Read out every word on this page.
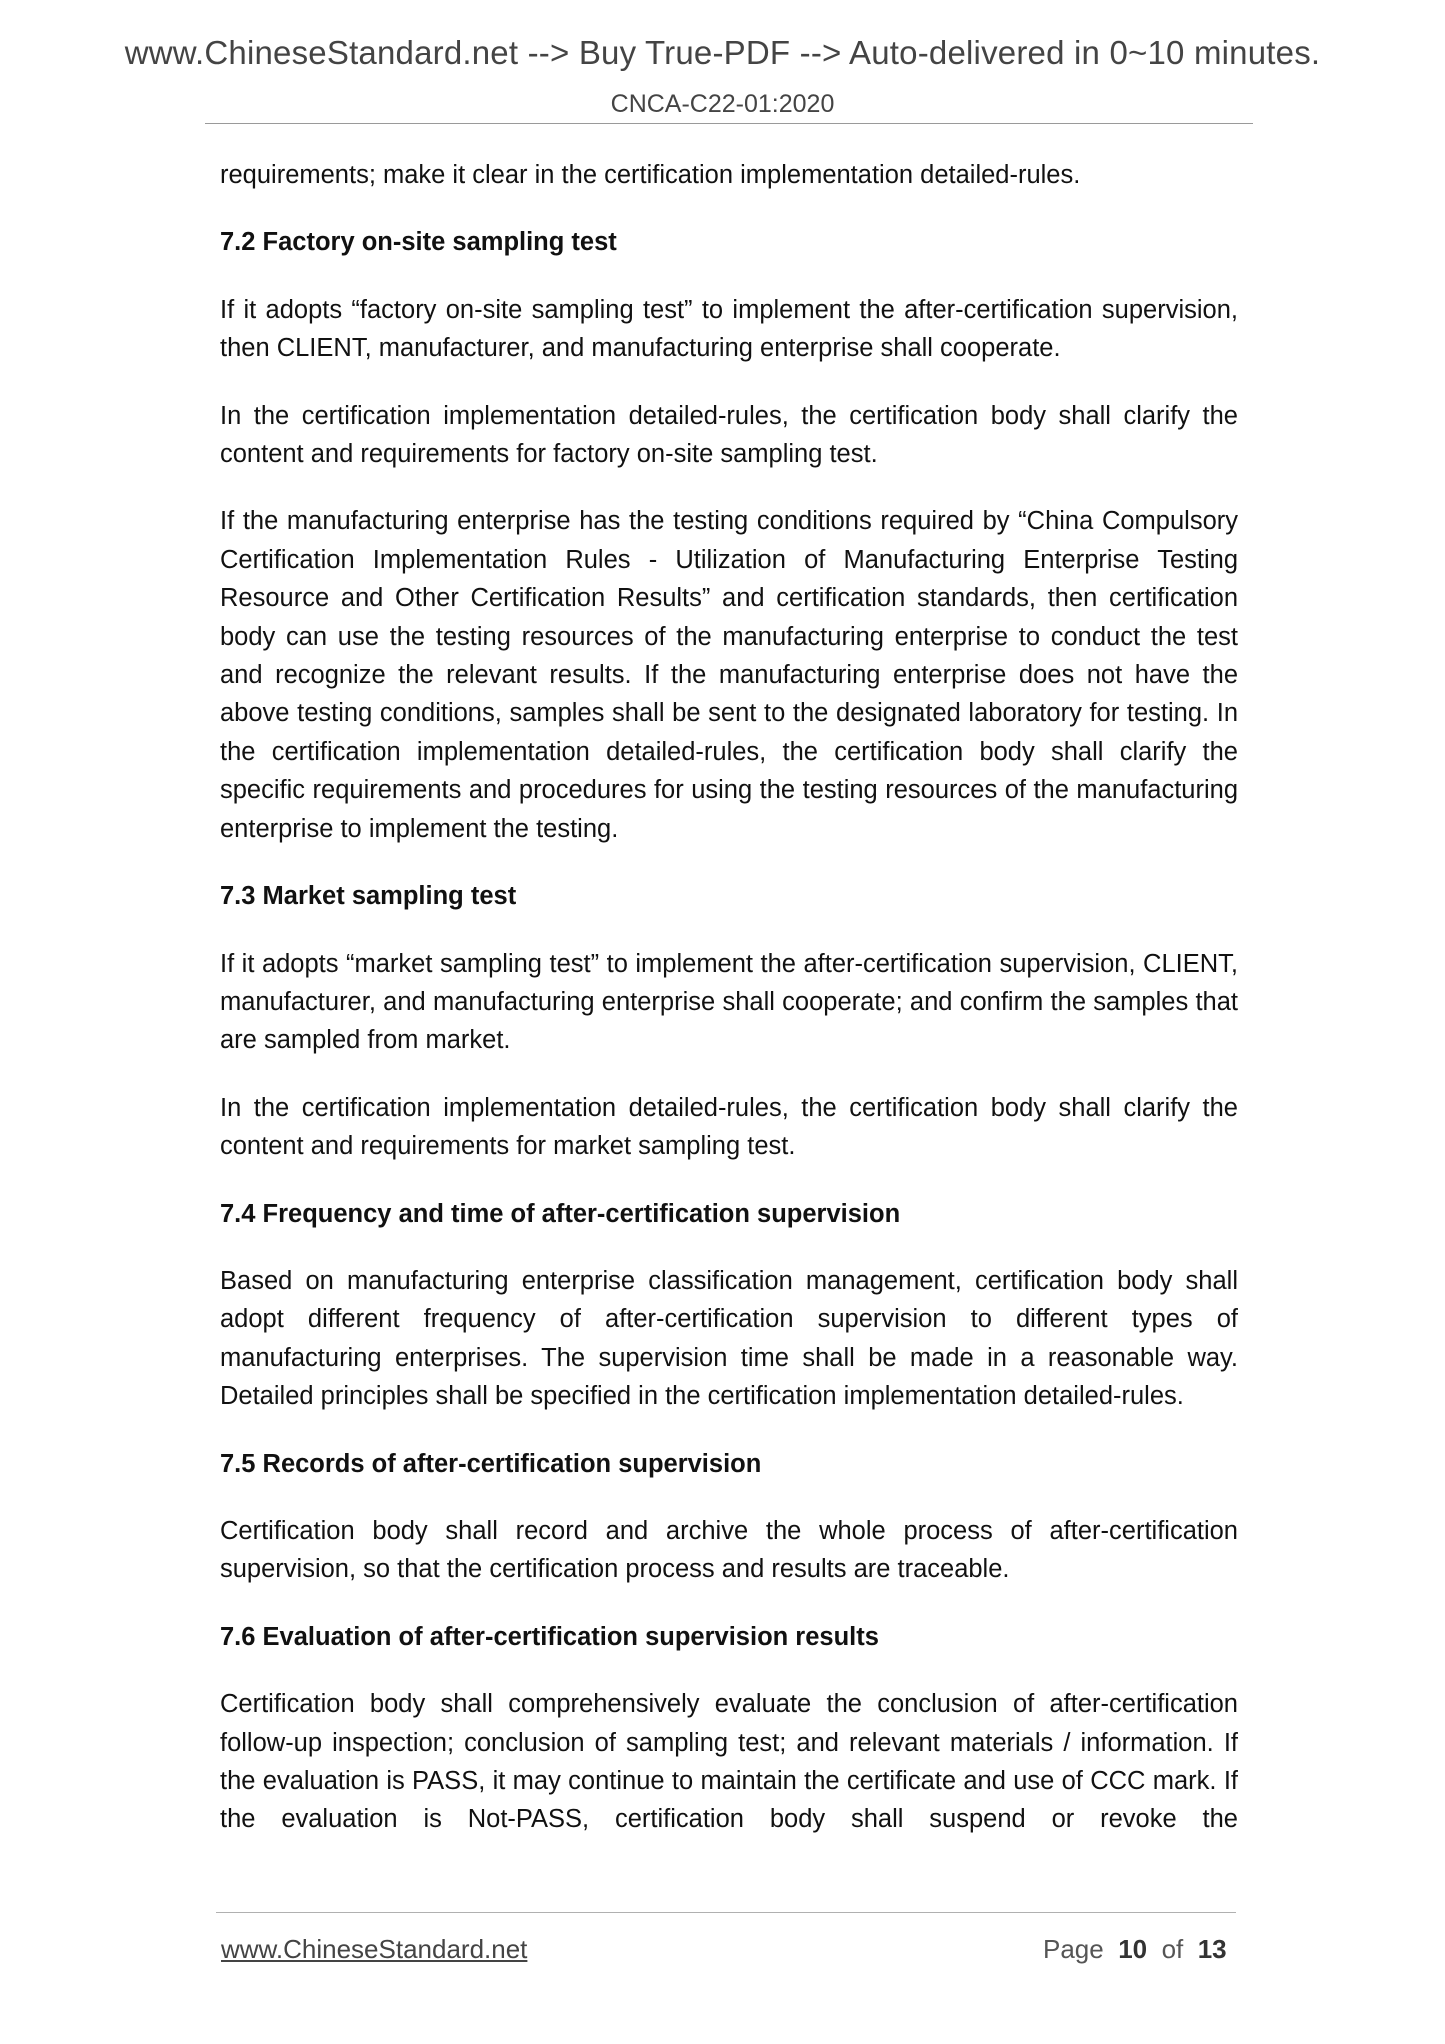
www.ChineseStandard.net --> Buy True-PDF --> Auto-delivered in 0~10 minutes.
CNCA-C22-01:2020

requirements; make it clear in the certification implementation detailed-rules.

7.2 Factory on-site sampling test

If it adopts “factory on-site sampling test” to implement the after-certification supervision, then CLIENT, manufacturer, and manufacturing enterprise shall cooperate.

In the certification implementation detailed-rules, the certification body shall clarify the content and requirements for factory on-site sampling test.

If the manufacturing enterprise has the testing conditions required by “China Compulsory Certification Implementation Rules - Utilization of Manufacturing Enterprise Testing Resource and Other Certification Results” and certification standards, then certification body can use the testing resources of the manufacturing enterprise to conduct the test and recognize the relevant results. If the manufacturing enterprise does not have the above testing conditions, samples shall be sent to the designated laboratory for testing. In the certification implementation detailed-rules, the certification body shall clarify the specific requirements and procedures for using the testing resources of the manufacturing enterprise to implement the testing.

7.3 Market sampling test

If it adopts “market sampling test” to implement the after-certification supervision, CLIENT, manufacturer, and manufacturing enterprise shall cooperate; and confirm the samples that are sampled from market.

In the certification implementation detailed-rules, the certification body shall clarify the content and requirements for market sampling test.

7.4 Frequency and time of after-certification supervision

Based on manufacturing enterprise classification management, certification body shall adopt different frequency of after-certification supervision to different types of manufacturing enterprises. The supervision time shall be made in a reasonable way. Detailed principles shall be specified in the certification implementation detailed-rules.

7.5 Records of after-certification supervision

Certification body shall record and archive the whole process of after-certification supervision, so that the certification process and results are traceable.

7.6 Evaluation of after-certification supervision results

Certification body shall comprehensively evaluate the conclusion of after-certification follow-up inspection; conclusion of sampling test; and relevant materials / information. If the evaluation is PASS, it may continue to maintain the certificate and use of CCC mark. If the evaluation is Not-PASS, certification body shall suspend or revoke the

www.ChineseStandard.net	Page 10 of 13
